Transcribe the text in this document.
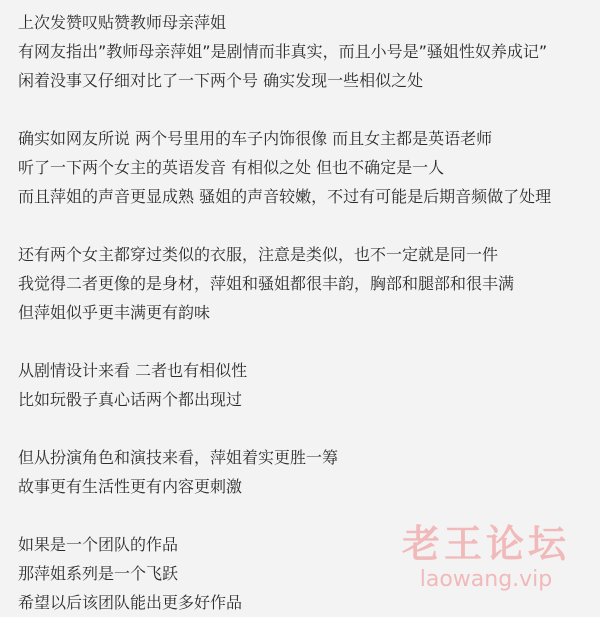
上次发赞叹贴赞教师母亲萍姐
有网友指出”教师母亲萍姐”是剧情而非真实，而且小号是”骚姐性奴养成记”
闲着没事又仔细对比了一下两个号 确实发现一些相似之处
确实如网友所说 两个号里用的车子内饰很像 而且女主都是英语老师
听了一下两个女主的英语发音 有相似之处 但也不确定是一人
而且萍姐的声音更显成熟 骚姐的声音较嫩，不过有可能是后期音频做了处理
还有两个女主都穿过类似的衣服，注意是类似，也不一定就是同一件
我觉得二者更像的是身材，萍姐和骚姐都很丰韵，胸部和腿部和很丰满
但萍姐似乎更丰满更有韵味
从剧情设计来看 二者也有相似性
比如玩骰子真心话两个都出现过
但从扮演角色和演技来看，萍姐着实更胜一筹
故事更有生活性更有内容更刺激
如果是一个团队的作品
那萍姐系列是一个飞跃
希望以后该团队能出更多好作品
老王论坛
laowang.vip
